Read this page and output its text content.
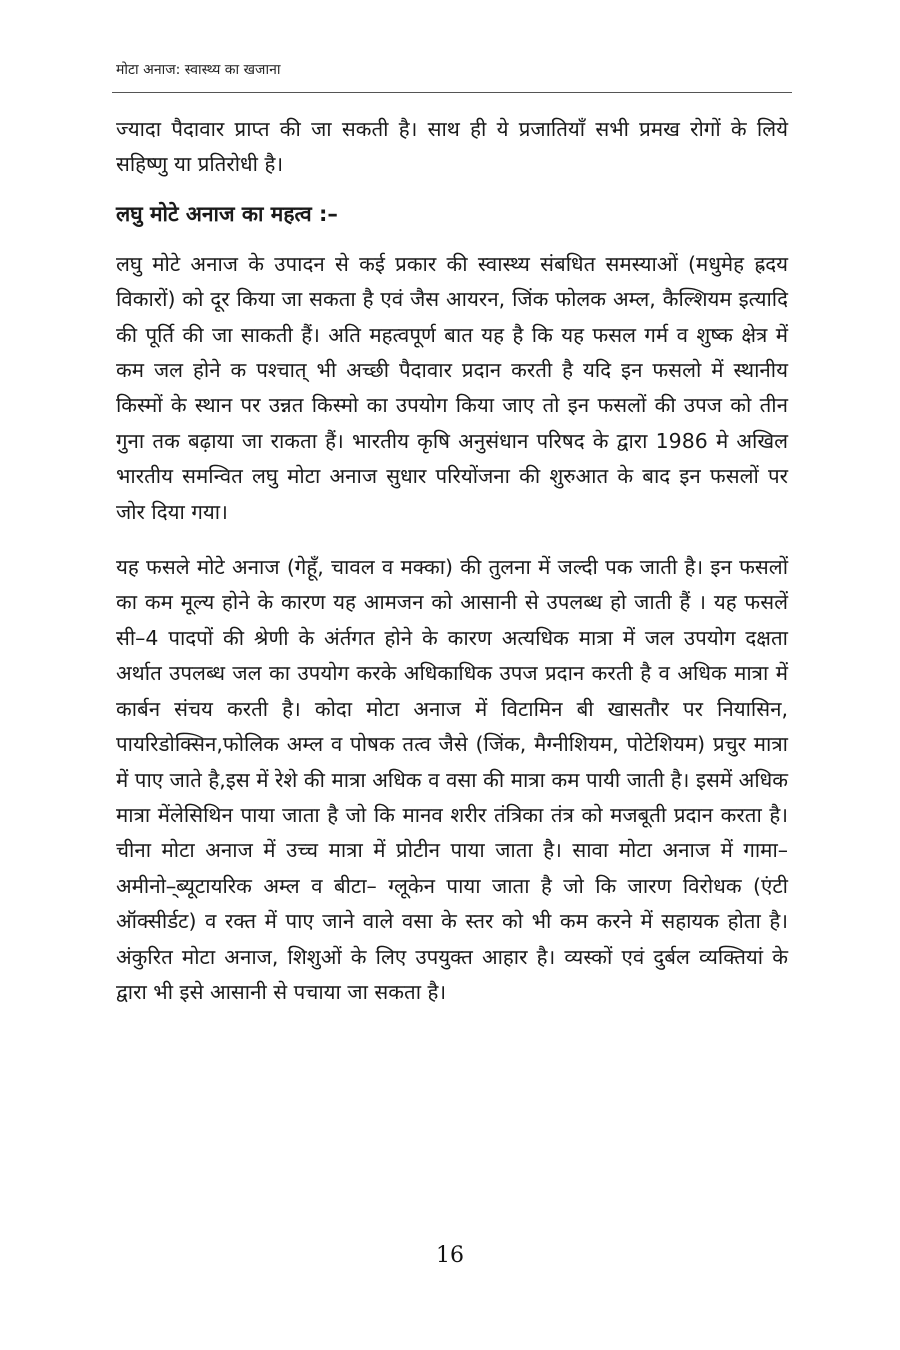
मोटा अनाज: स्वास्थ्य का खजाना

ज्यादा पैदावार प्राप्त की जा सकती है। साथ ही ये प्रजातियाँ सभी प्रमख रोगों के लिये सहिष्णु या प्रतिरोधी है।

लघु मोटे अनाज का महत्व :–

लघु मोटे अनाज के उपादन से कई प्रकार की स्वास्थ्य संबधित समस्याओं (मधुमेह ह्रदय विकारों) को दूर किया जा सकता है एवं जैस आयरन, जिंक फोलक अम्ल, कैल्शियम इत्यादि की पूर्ति की जा साकती हैं। अति महत्वपूर्ण बात यह है कि यह फसल गर्म व शुष्क क्षेत्र में कम जल होने क पश्चात् भी अच्छी पैदावार प्रदान करती है यदि इन फसलो में स्थानीय किस्मों के स्थान पर उन्नत किस्मो का उपयोग किया जाए तो इन फसलों की उपज को तीन गुना तक बढ़ाया जा राकता हैं। भारतीय कृषि अनुसंधान परिषद के द्वारा 1986 मे अखिल भारतीय समन्वित लघु मोटा अनाज सुधार परियोंजना की शुरुआत के बाद इन फसलों पर जोर दिया गया।

यह फसले मोटे अनाज (गेहूँ, चावल व मक्का) की तुलना में जल्दी पक जाती है। इन फसलों का कम मूल्य होने के कारण यह आमजन को आसानी से उपलब्ध हो जाती हैं । यह फसलें सी–4 पादपों की श्रेणी के अंर्तगत होने के कारण अत्यधिक मात्रा में जल उपयोग दक्षता अर्थात उपलब्ध जल का उपयोग करके अधिकाधिक उपज प्रदान करती है व अधिक मात्रा में कार्बन संचय करती है। कोदा मोटा अनाज में विटामिन बी खासतौर पर नियासिन, पायरिडोक्सिन,फोलिक अम्ल व पोषक तत्व जैसे (जिंक, मैग्नीशियम, पोटेशियम) प्रचुर मात्रा में पाए जाते है,इस में रेशे की मात्रा अधिक व वसा की मात्रा कम पायी जाती है। इसमें अधिक मात्रा मेंलेसिथिन पाया जाता है जो कि मानव शरीर तंत्रिका तंत्र को मजबूती प्रदान करता है। चीना मोटा अनाज में उच्च मात्रा में प्रोटीन पाया जाता है। सावा मोटा अनाज में गामा–अमीनो–्ब्यूटायरिक अम्ल व बीटा– ग्लूकेन पाया जाता है जो कि जारण विरोधक (एंटी ऑक्सीर्डट) व रक्त में पाए जाने वाले वसा के स्तर को भी कम करने में सहायक होता है। अंकुरित मोटा अनाज, शिशुओं के लिए उपयुक्त आहार है। व्यस्कों एवं दुर्बल व्यक्तियां के द्वारा भी इसे आसानी से पचाया जा सकता है।

16
